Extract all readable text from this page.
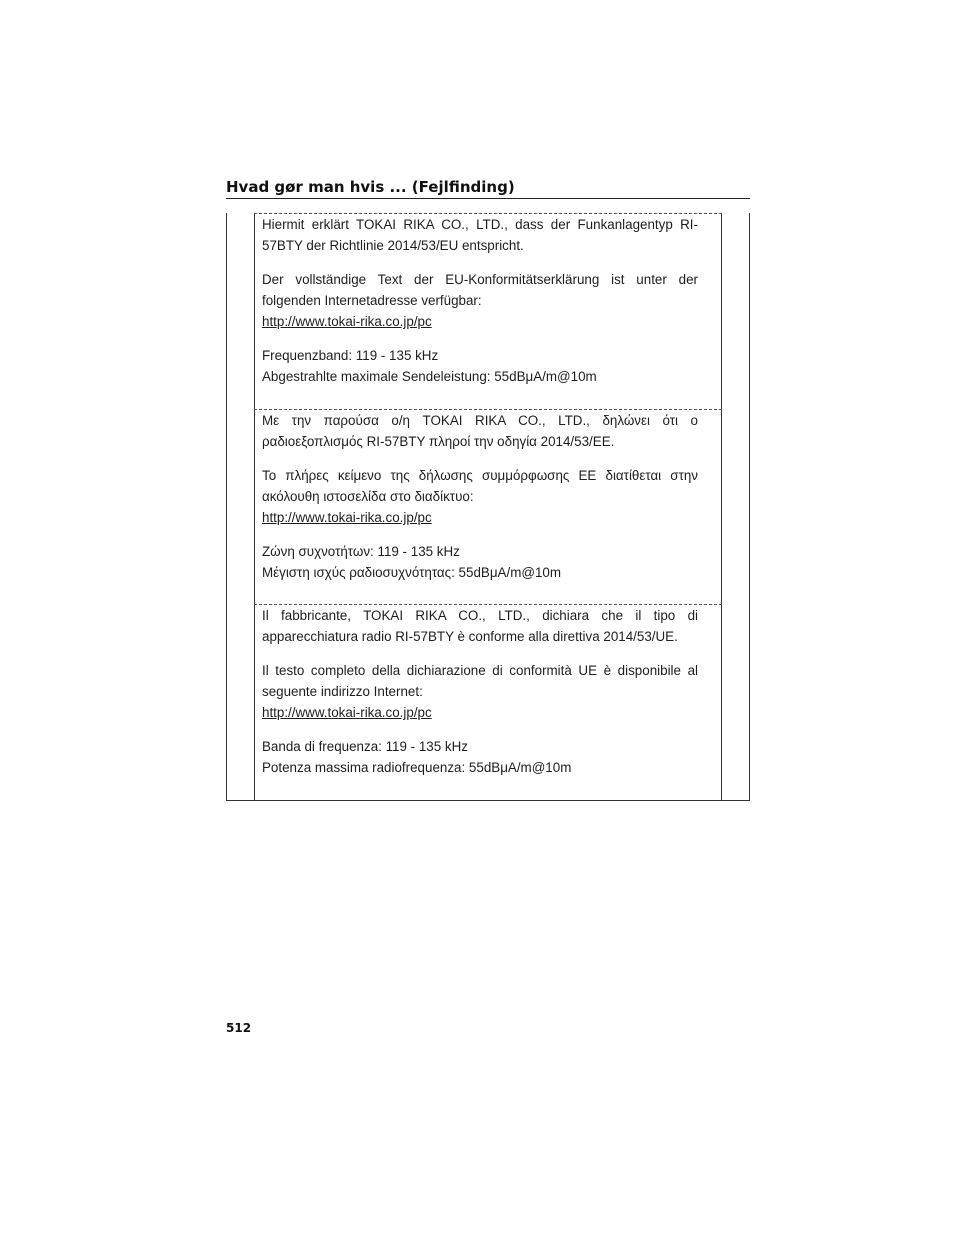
Hvad gør man hvis ... (Fejlfinding)

Hiermit erklärt TOKAI RIKA CO., LTD., dass der Funkanlagentyp RI-57BTY der Richtlinie 2014/53/EU entspricht.

Der vollständige Text der EU-Konformitätserklärung ist unter der folgenden Internetadresse verfügbar:
http://www.tokai-rika.co.jp/pc

Frequenzband: 119 - 135 kHz
Abgestrahlte maximale Sendeleistung: 55dBμA/m@10m

Με την παρούσα ο/η TOKAI RIKA CO., LTD., δηλώνει ότι ο ραδιοεξοπλισμός RI-57BTY πληροί την οδηγία 2014/53/ΕΕ.

Το πλήρες κείμενο της δήλωσης συμμόρφωσης ΕΕ διατίθεται στην ακόλουθη ιστοσελίδα στο διαδίκτυο:
http://www.tokai-rika.co.jp/pc

Ζώνη συχνοτήτων: 119 - 135 kHz
Μέγιστη ισχύς ραδιοσυχνότητας: 55dBμA/m@10m

Il fabbricante, TOKAI RIKA CO., LTD., dichiara che il tipo di apparecchiatura radio RI-57BTY è conforme alla direttiva 2014/53/UE.

Il testo completo della dichiarazione di conformità UE è disponibile al seguente indirizzo Internet:
http://www.tokai-rika.co.jp/pc

Banda di frequenza: 119 - 135 kHz
Potenza massima radiofrequenza: 55dBμA/m@10m

512
